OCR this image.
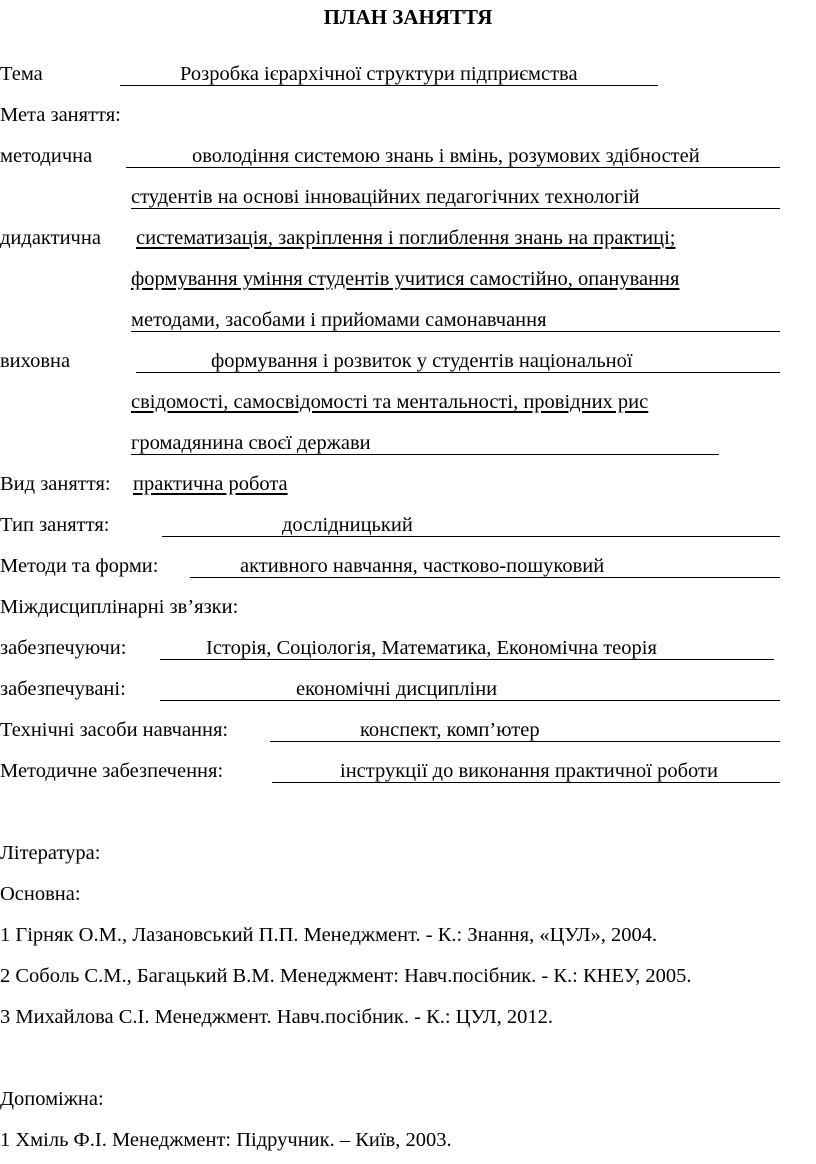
ПЛАН ЗАНЯТТЯ
Тема	Розробка ієрархічної структури підприємства
Мета заняття:
методична	оволодіння системою знань і вмінь, розумових здібностей
студентів на основі інноваційних педагогічних технологій
дидактична систематизація, закріплення і поглиблення знань на практиці;
формування уміння студентів учитися самостійно, опанування
методами, засобами і прийомами самонавчання
виховна	формування і розвиток у студентів національної
свідомості, самосвідомості та ментальності, провідних рис
громадянина своєї держави
Вид заняття: практична робота
Тип заняття:	дослідницький
Методи та форми:	активного навчання, частково-пошуковий
Міждисциплінарні зв’язки:
забезпечуючи:	Історія, Соціологія, Математика, Економічна теорія
забезпечувані:	економічні дисципліни
Технічні засоби навчання:	конспект, комп’ютер
Методичне забезпечення:	інструкції до виконання практичної роботи
Література:
Основна:
1 Гірняк О.М., Лазановський П.П. Менеджмент. - К.: Знання, «ЦУЛ», 2004.
2 Соболь С.М., Багацький В.М. Менеджмент: Навч.посібник. - К.: КНЕУ, 2005.
3 Михайлова С.І. Менеджмент. Навч.посібник. - К.: ЦУЛ, 2012.
Допоміжна:
1 Хміль Ф.І. Менеджмент: Підручник. – Київ, 2003.
